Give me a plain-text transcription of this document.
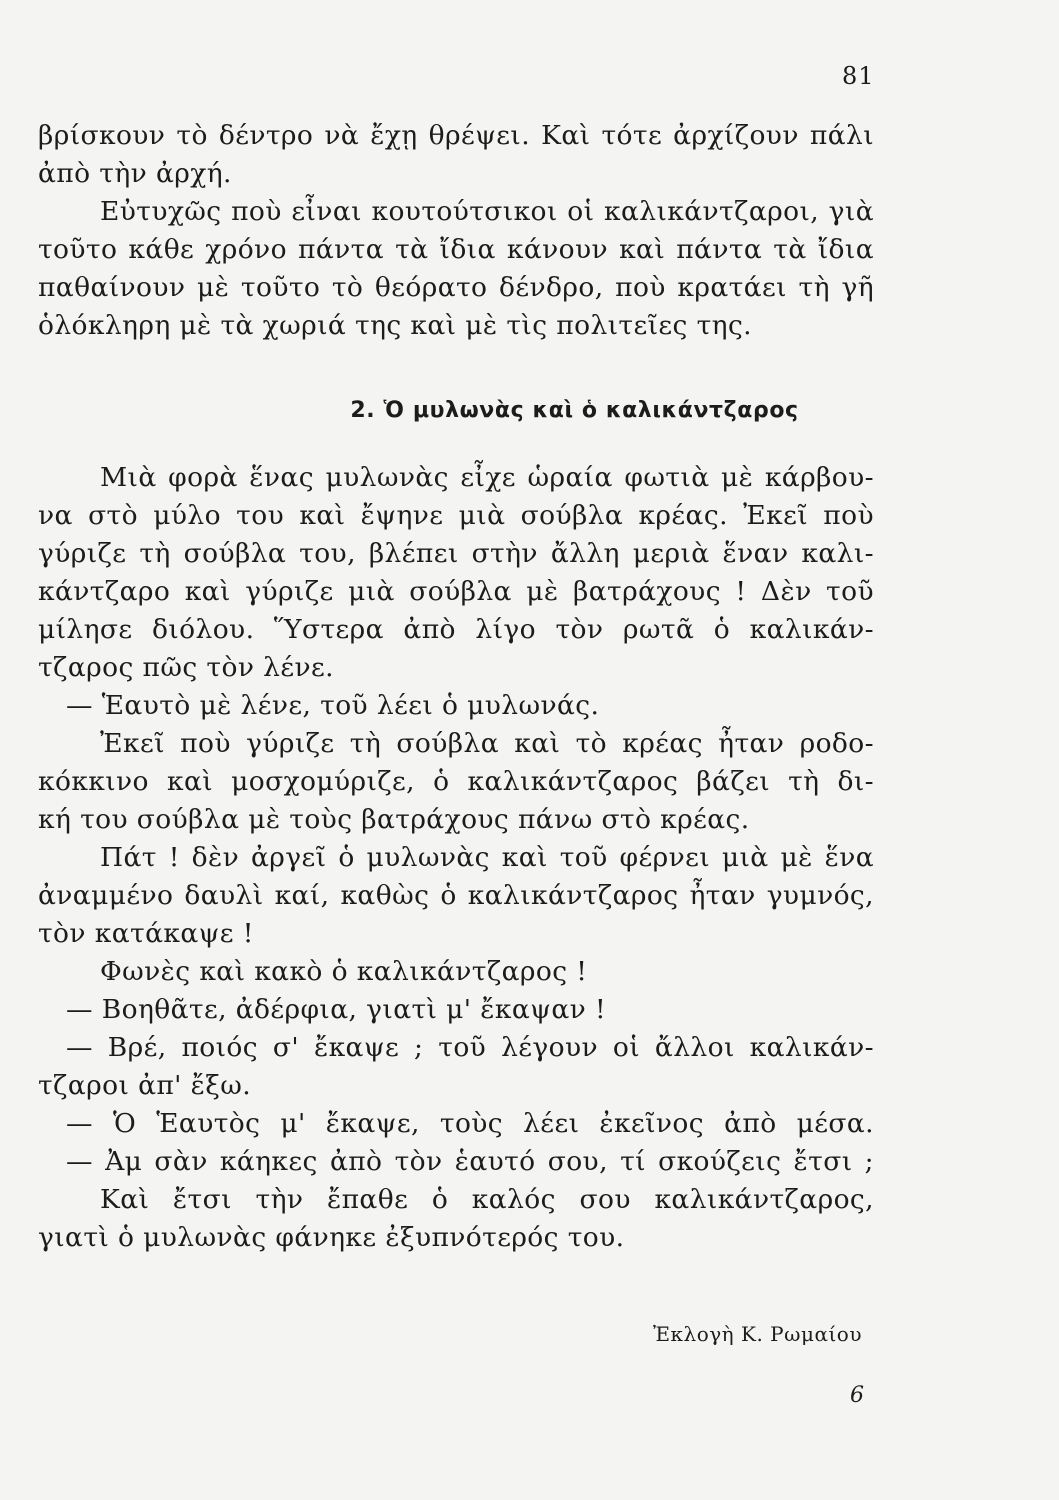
81

βρίσκουν τὸ δέντρο νὰ ἔχῃ θρέψει. Καὶ τότε ἀρχίζουν πάλι
ἀπὸ τὴν ἀρχή.
Εὐτυχῶς ποὺ εἶναι κουτούτσικοι οἱ καλικάντζαροι, γιὰ
τοῦτο κάθε χρόνο πάντα τὰ ἴδια κάνουν καὶ πάντα τὰ ἴδια
παθαίνουν μὲ τοῦτο τὸ θεόρατο δένδρο, ποὺ κρατάει τὴ γῆ
ὁλόκληρη μὲ τὰ χωριά της καὶ μὲ τὶς πολιτεῖες της.
2. Ὁ μυλωνὰς καὶ ὁ καλικάντζαρος
Μιὰ φορὰ ἕνας μυλωνὰς εἶχε ὡραία φωτιὰ μὲ κάρβου-
να στὸ μύλο του καὶ ἔψηνε μιὰ σούβλα κρέας. Ἐκεῖ ποὺ
γύριζε τὴ σούβλα του, βλέπει στὴν ἄλλη μεριὰ ἕναν καλι-
κάντζαρο καὶ γύριζε μιὰ σούβλα μὲ βατράχους ! Δὲν τοῦ
μίλησε διόλου. Ὕστερα ἀπὸ λίγο τὸν ρωτᾶ ὁ καλικάν-
τζαρος πῶς τὸν λένε.
— Ἑαυτὸ μὲ λένε, τοῦ λέει ὁ μυλωνάς.
Ἐκεῖ ποὺ γύριζε τὴ σούβλα καὶ τὸ κρέας ἦταν ροδο-
κόκκινο καὶ μοσχομύριζε, ὁ καλικάντζαρος βάζει τὴ δι-
κή του σούβλα μὲ τοὺς βατράχους πάνω στὸ κρέας.
Πάτ ! δὲν ἀργεῖ ὁ μυλωνὰς καὶ τοῦ φέρνει μιὰ μὲ ἕνα
ἀναμμένο δαυλὶ καί, καθὼς ὁ καλικάντζαρος ἦταν γυμνός,
τὸν κατάκαψε !
Φωνὲς καὶ κακὸ ὁ καλικάντζαρος !
— Βοηθᾶτε, ἀδέρφια, γιατὶ μ' ἔκαψαν !
— Βρέ, ποιός σ' ἔκαψε ; τοῦ λέγουν οἱ ἄλλοι καλικάν-
τζαροι ἀπ' ἔξω.
— Ὁ Ἑαυτὸς μ' ἔκαψε, τοὺς λέει ἐκεῖνος ἀπὸ μέσα.
— Ἀμ σὰν κάηκες ἀπὸ τὸν ἑαυτό σου, τί σκούζεις ἔτσι ;
Καὶ ἔτσι τὴν ἔπαθε ὁ καλός σου καλικάντζαρος,
γιατὶ ὁ μυλωνὰς φάνηκε ἐξυπνότερός του.

Ἐκλογὴ Κ. Ρωμαίου

6
